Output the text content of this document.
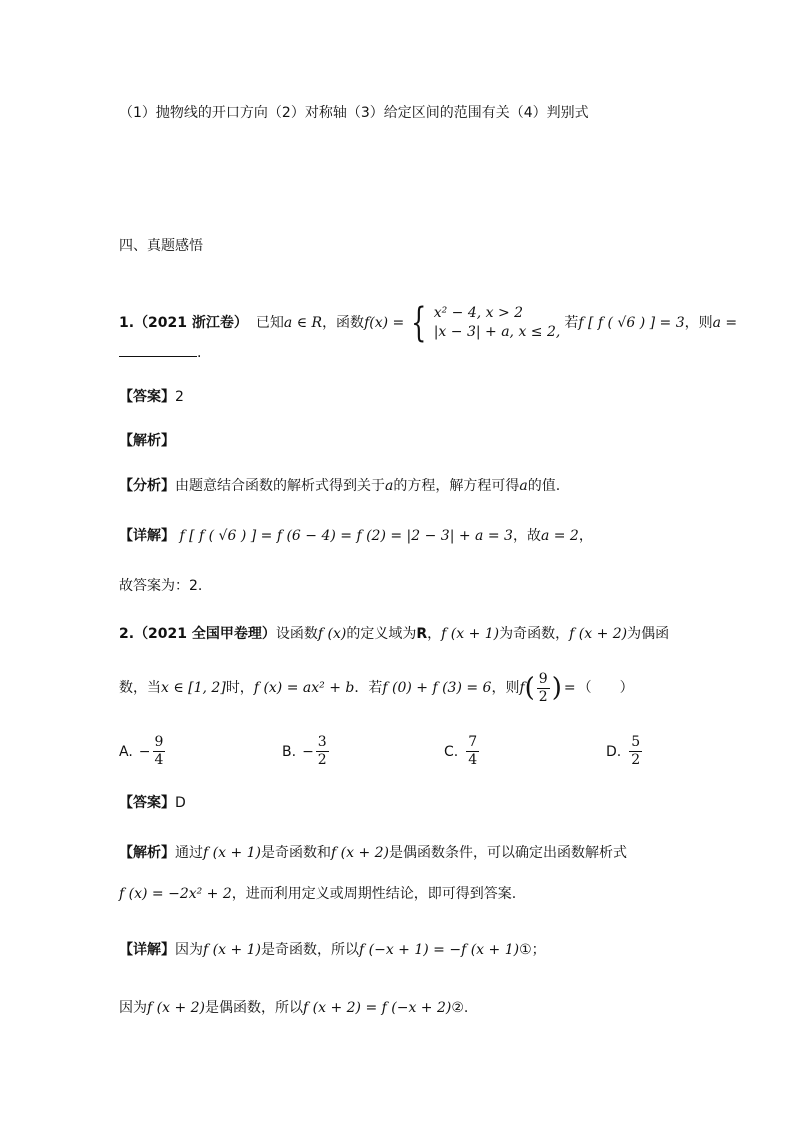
（1）抛物线的开口方向（2）对称轴（3）给定区间的范围有关（4）判别式
四、真题感悟
1. （2021 浙江卷） 已知 a ∈ R ，函数 f(x) = { x² − 4, x > 2
|x − 3| + a, x ≤ 2,
若 f [ f ( √6 ) ] = 3 ，则 a =
.
【答案】2
【解析】
【分析】由题意结合函数的解析式得到关于a的方程，解方程可得a的值.
【详解】 f [ f ( √6 ) ] = f (6 − 4) = f (2) = |2 − 3| + a = 3，故a = 2，
故答案为：2.
2.（2021 全国甲卷理）设函数f (x)的定义域为R，f (x + 1)为奇函数，f (x + 2)为偶函
数，当 x ∈ [1, 2] 时， f (x) = ax² + b ．若 f (0) + f (3) = 6 ，则 f ( $\frac{9}{2}$ ) = （　　）
A. − $\frac{9}{4}$	B. − $\frac{3}{2}$	C. $\frac{7}{4}$	D. $\frac{5}{2}$
【答案】D
【解析】通过f (x + 1)是奇函数和f (x + 2)是偶函数条件，可以确定出函数解析式
f (x) = −2x² + 2，进而利用定义或周期性结论，即可得到答案.
【详解】因为f (x + 1)是奇函数，所以f (−x + 1) = −f (x + 1)①；
因为f (x + 2)是偶函数，所以f (x + 2) = f (−x + 2)②.
